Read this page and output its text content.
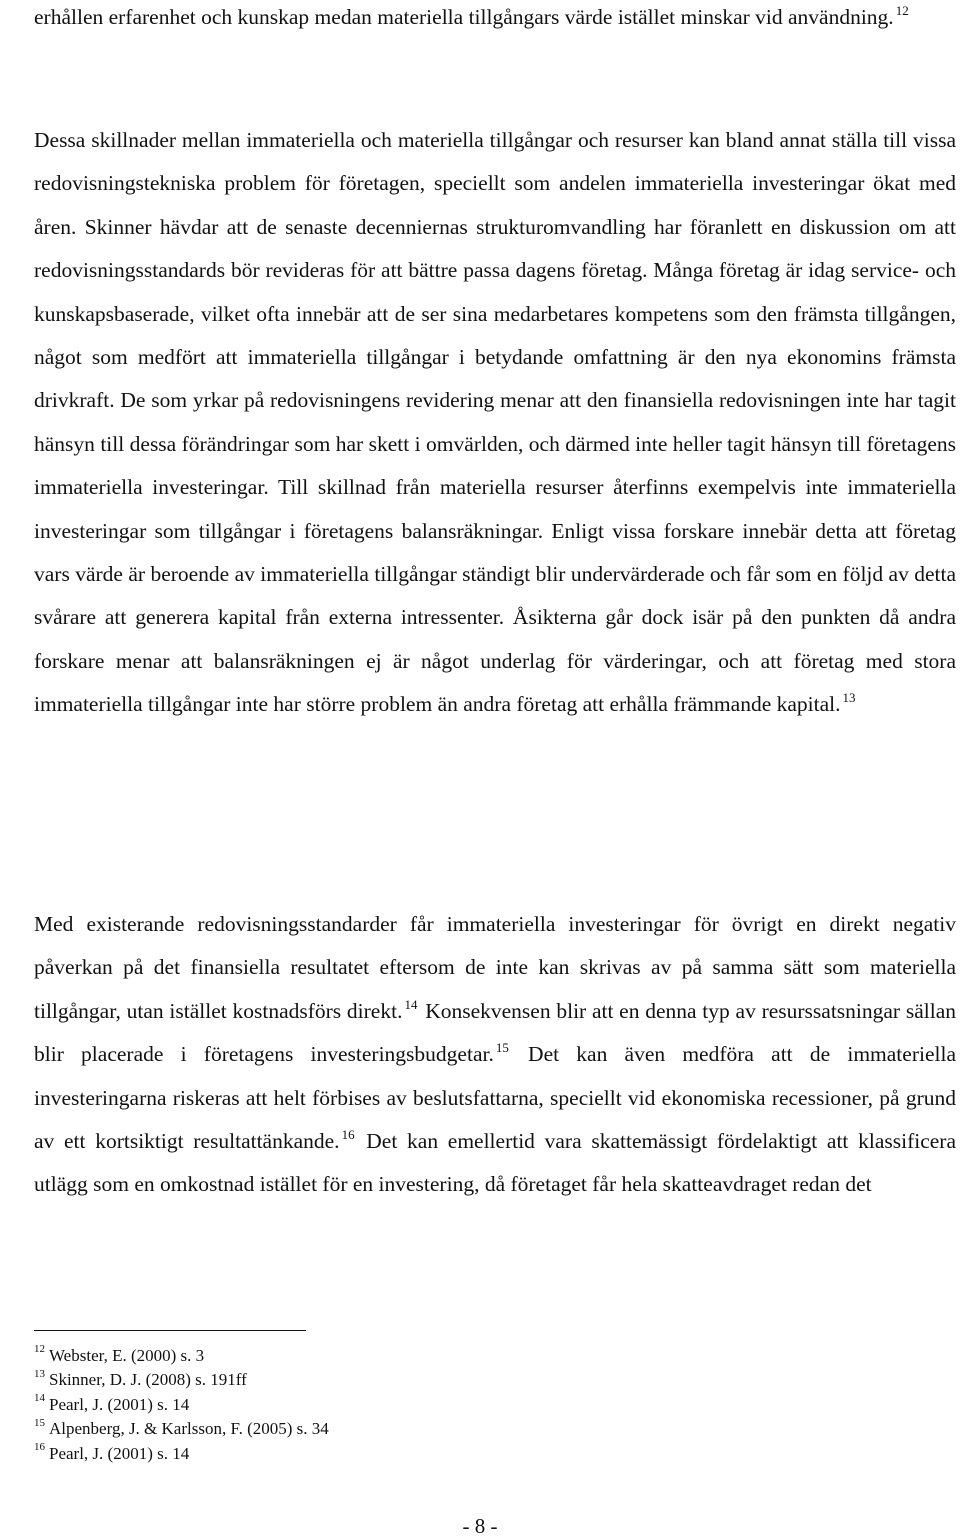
erhållen erfarenhet och kunskap medan materiella tillgångars värde istället minskar vid användning. $^{12}$

Dessa skillnader mellan immateriella och materiella tillgångar och resurser kan bland annat ställa till vissa redovisningstekniska problem för företagen, speciellt som andelen immateriella investeringar ökat med åren. Skinner hävdar att de senaste decenniernas strukturomvandling har föranlett en diskussion om att redovisningsstandards bör revideras för att bättre passa dagens företag. Många företag är idag service- och kunskapsbaserade, vilket ofta innebär att de ser sina medarbetares kompetens som den främsta tillgången, något som medfört att immateriella tillgångar i betydande omfattning är den nya ekonomins främsta drivkraft. De som yrkar på redovisningens revidering menar att den finansiella redovisningen inte har tagit hänsyn till dessa förändringar som har skett i omvärlden, och därmed inte heller tagit hänsyn till företagens immateriella investeringar. Till skillnad från materiella resurser återfinns exempelvis inte immateriella investeringar som tillgångar i företagens balansräkningar. Enligt vissa forskare innebär detta att företag vars värde är beroende av immateriella tillgångar ständigt blir undervärderade och får som en följd av detta svårare att generera kapital från externa intressenter. Åsikterna går dock isär på den punkten då andra forskare menar att balansräkningen ej är något underlag för värderingar, och att företag med stora immateriella tillgångar inte har större problem än andra företag att erhålla främmande kapital. $^{13}$

Med existerande redovisningsstandarder får immateriella investeringar för övrigt en direkt negativ påverkan på det finansiella resultatet eftersom de inte kan skrivas av på samma sätt som materiella tillgångar, utan istället kostnadsförs direkt. $^{14}$ Konsekvensen blir att en denna typ av resurssatsningar sällan blir placerade i företagens investeringsbudgetar. $^{15}$ Det kan även medföra att de immateriella investeringarna riskeras att helt förbises av beslutsfattarna, speciellt vid ekonomiska recessioner, på grund av ett kortsiktigt resultattänkande. $^{16}$ Det kan emellertid vara skattemässigt fördelaktigt att klassificera utlägg som en omkostnad istället för en investering, då företaget får hela skatteavdraget redan det

$^{12}$ Webster, E. (2000) s. 3
$^{13}$ Skinner, D. J. (2008) s. 191ff
$^{14}$ Pearl, J. (2001) s. 14
$^{15}$ Alpenberg, J. & Karlsson, F. (2005) s. 34
$^{16}$ Pearl, J. (2001) s. 14
- 8 -
